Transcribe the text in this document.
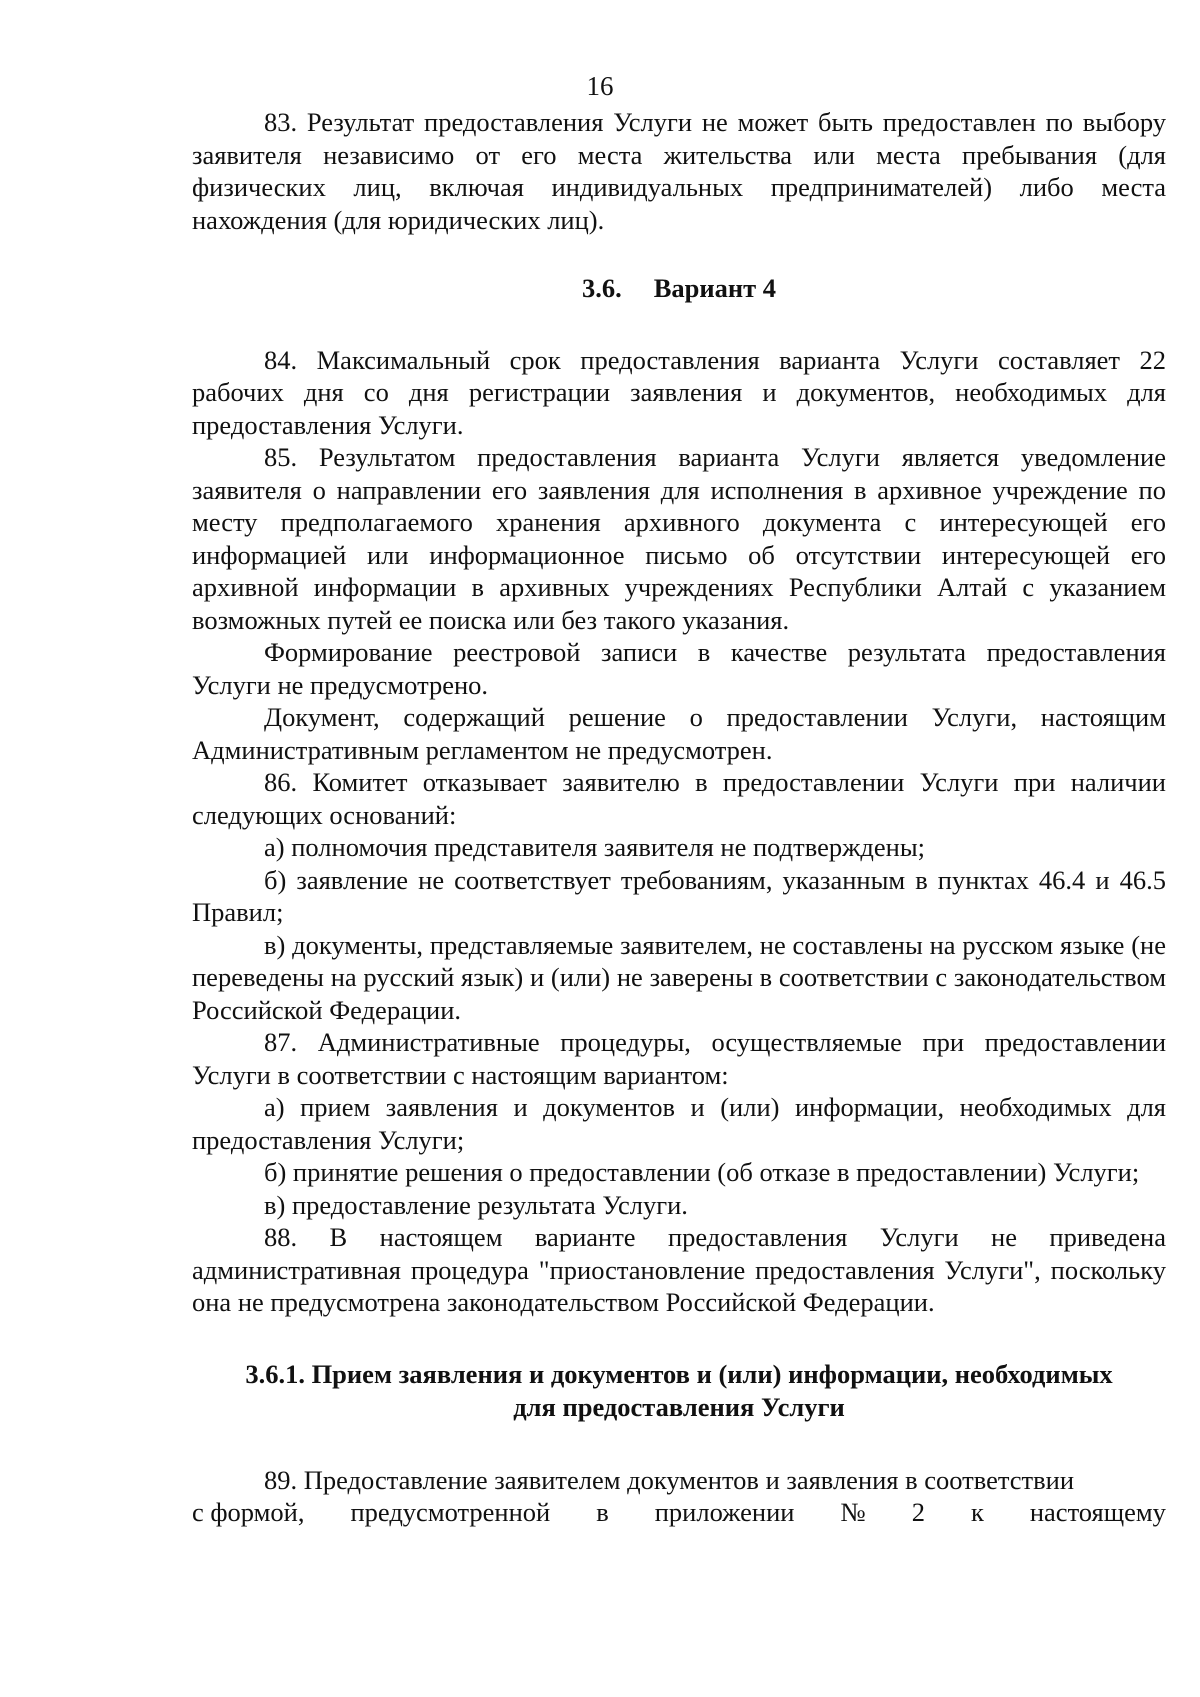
16

83. Результат предоставления Услуги не может быть предоставлен по выбору заявителя независимо от его места жительства или места пребывания (для физических лиц, включая индивидуальных предпринимателей) либо места нахождения (для юридических лиц).

3.6. Вариант 4

84. Максимальный срок предоставления варианта Услуги составляет 22 рабочих дня со дня регистрации заявления и документов, необходимых для предоставления Услуги.

85. Результатом предоставления варианта Услуги является уведомление заявителя о направлении его заявления для исполнения в архивное учреждение по месту предполагаемого хранения архивного документа с интересующей его информацией или информационное письмо об отсутствии интересующей его архивной информации в архивных учреждениях Республики Алтай с указанием возможных путей ее поиска или без такого указания.

Формирование реестровой записи в качестве результата предоставления Услуги не предусмотрено.

Документ, содержащий решение о предоставлении Услуги, настоящим Административным регламентом не предусмотрен.

86. Комитет отказывает заявителю в предоставлении Услуги при наличии следующих оснований:

а) полномочия представителя заявителя не подтверждены;

б) заявление не соответствует требованиям, указанным в пунктах 46.4 и 46.5 Правил;

в) документы, представляемые заявителем, не составлены на русском языке (не переведены на русский язык) и (или) не заверены в соответствии с законодательством Российской Федерации.

87. Административные процедуры, осуществляемые при предоставлении Услуги в соответствии с настоящим вариантом:

а) прием заявления и документов и (или) информации, необходимых для предоставления Услуги;

б) принятие решения о предоставлении (об отказе в предоставлении) Услуги;

в) предоставление результата Услуги.

88. В настоящем варианте предоставления Услуги не приведена административная процедура "приостановление предоставления Услуги", поскольку она не предусмотрена законодательством Российской Федерации.

3.6.1. Прием заявления и документов и (или) информации, необходимых
для предоставления Услуги

89. Предоставление заявителем документов и заявления в соответствии

с формой, предусмотренной в приложении № 2 к настоящему
